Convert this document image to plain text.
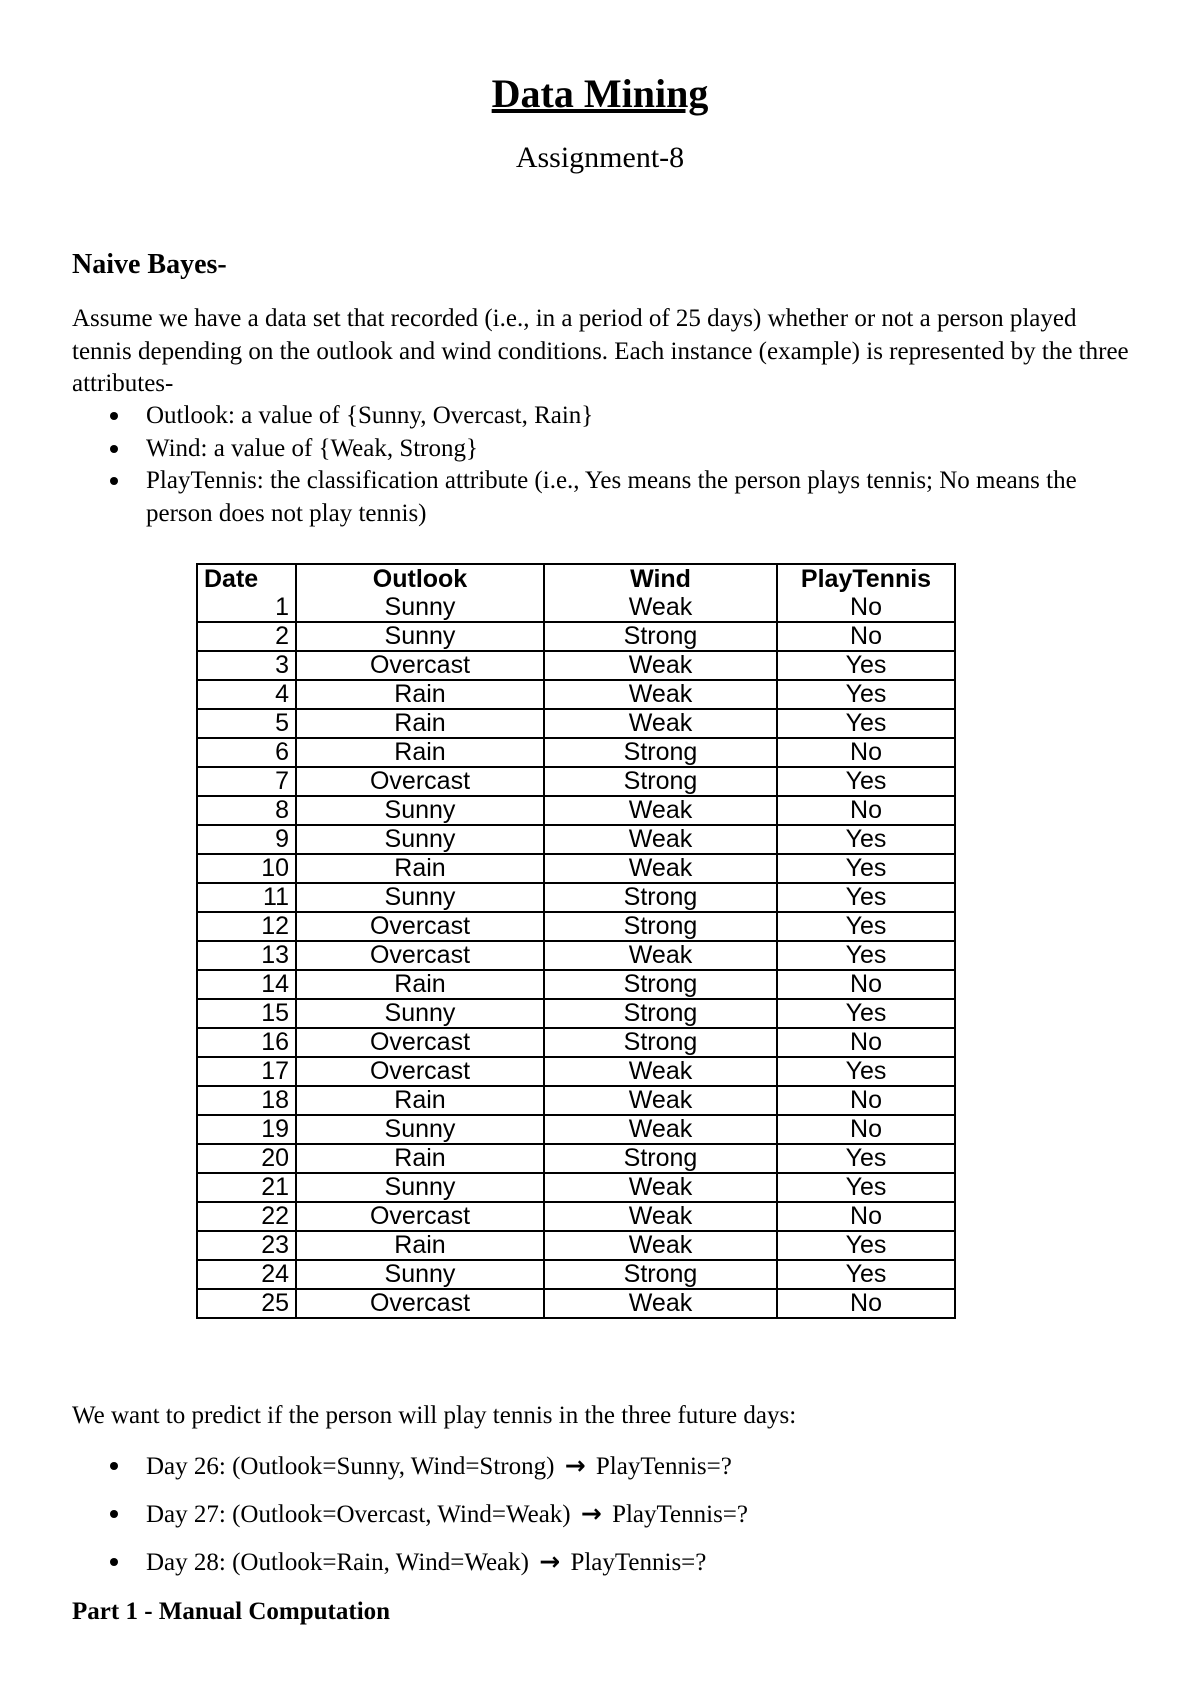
Data Mining
Assignment-8
Naive Bayes-
Assume we have a data set that recorded (i.e., in a period of 25 days) whether or not a person played tennis depending on the outlook and wind conditions. Each instance (example) is represented by the three attributes-
Outlook: a value of {Sunny, Overcast, Rain}
Wind: a value of {Weak, Strong}
PlayTennis: the classification attribute (i.e., Yes means the person plays tennis; No means the person does not play tennis)
Date	Outlook	Wind	PlayTennis
1	Sunny	Weak	No
2	Sunny	Strong	No
3	Overcast	Weak	Yes
4	Rain	Weak	Yes
5	Rain	Weak	Yes
6	Rain	Strong	No
7	Overcast	Strong	Yes
8	Sunny	Weak	No
9	Sunny	Weak	Yes
10	Rain	Weak	Yes
11	Sunny	Strong	Yes
12	Overcast	Strong	Yes
13	Overcast	Weak	Yes
14	Rain	Strong	No
15	Sunny	Strong	Yes
16	Overcast	Strong	No
17	Overcast	Weak	Yes
18	Rain	Weak	No
19	Sunny	Weak	No
20	Rain	Strong	Yes
21	Sunny	Weak	Yes
22	Overcast	Weak	No
23	Rain	Weak	Yes
24	Sunny	Strong	Yes
25	Overcast	Weak	No
We want to predict if the person will play tennis in the three future days:
Day 26: (Outlook=Sunny, Wind=Strong) → PlayTennis=?
Day 27: (Outlook=Overcast, Wind=Weak) → PlayTennis=?
Day 28: (Outlook=Rain, Wind=Weak) → PlayTennis=?
Part 1 - Manual Computation
